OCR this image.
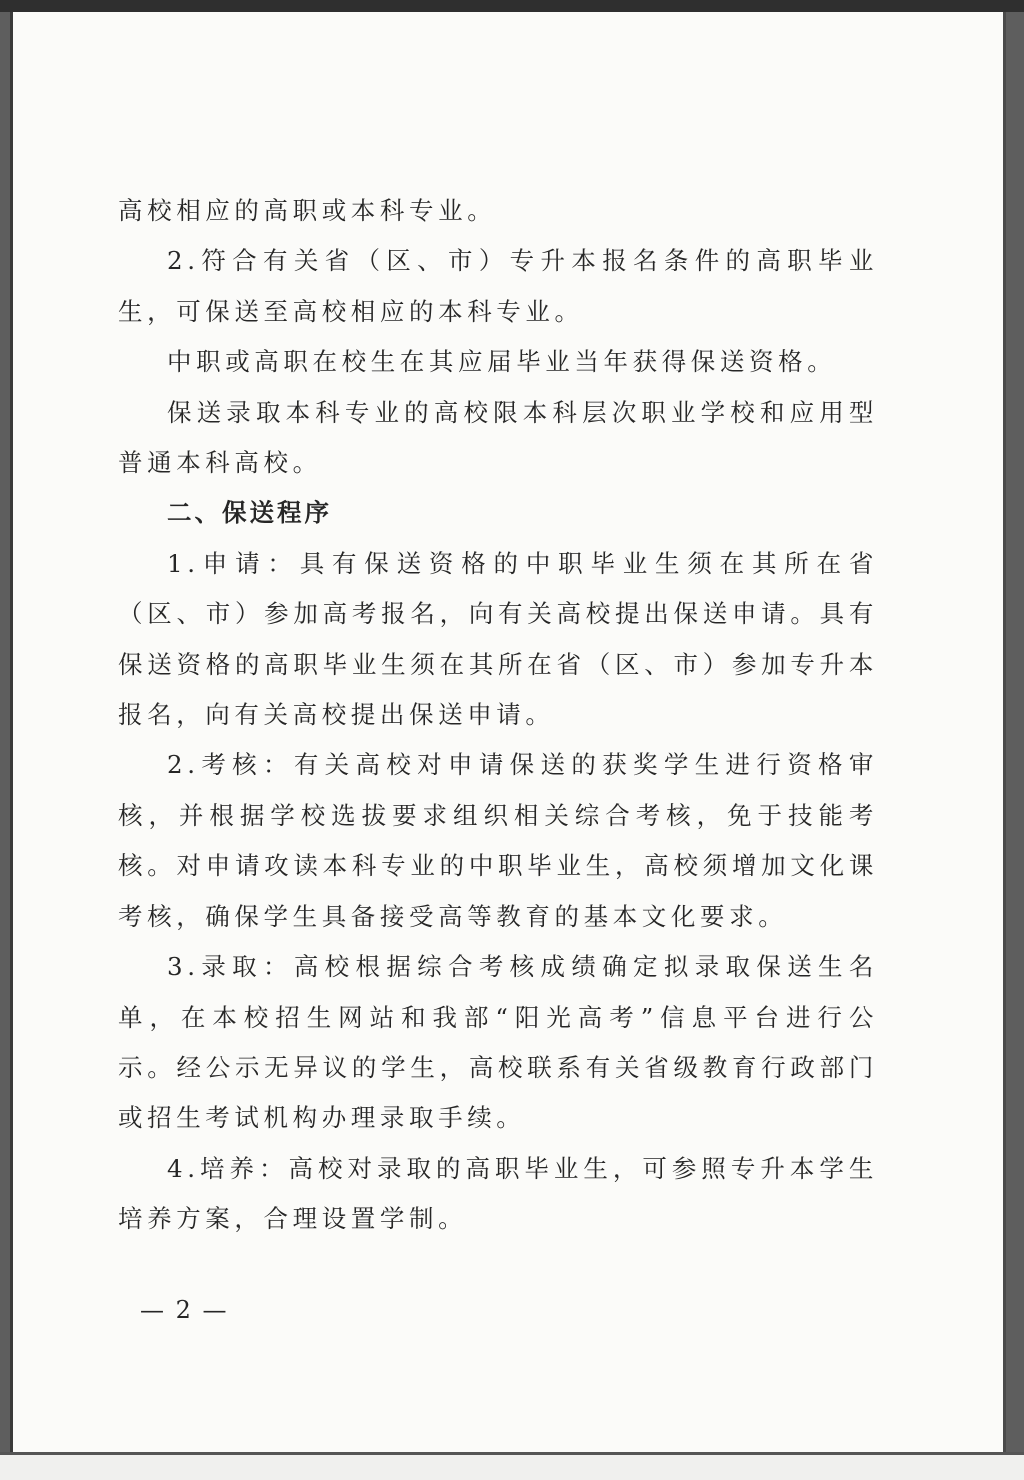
高校相应的高职或本科专业。

2.符合有关省（区、市）专升本报名条件的高职毕业生，可保送至高校相应的本科专业。

中职或高职在校生在其应届毕业当年获得保送资格。

保送录取本科专业的高校限本科层次职业学校和应用型普通本科高校。

二、保送程序

1.申请：具有保送资格的中职毕业生须在其所在省（区、市）参加高考报名，向有关高校提出保送申请。具有保送资格的高职毕业生须在其所在省（区、市）参加专升本报名，向有关高校提出保送申请。

2.考核：有关高校对申请保送的获奖学生进行资格审核，并根据学校选拔要求组织相关综合考核，免于技能考核。对申请攻读本科专业的中职毕业生，高校须增加文化课考核，确保学生具备接受高等教育的基本文化要求。

3.录取：高校根据综合考核成绩确定拟录取保送生名单，在本校招生网站和我部“阳光高考”信息平台进行公示。经公示无异议的学生，高校联系有关省级教育行政部门或招生考试机构办理录取手续。

4.培养：高校对录取的高职毕业生，可参照专升本学生培养方案，合理设置学制。

— 2 —
